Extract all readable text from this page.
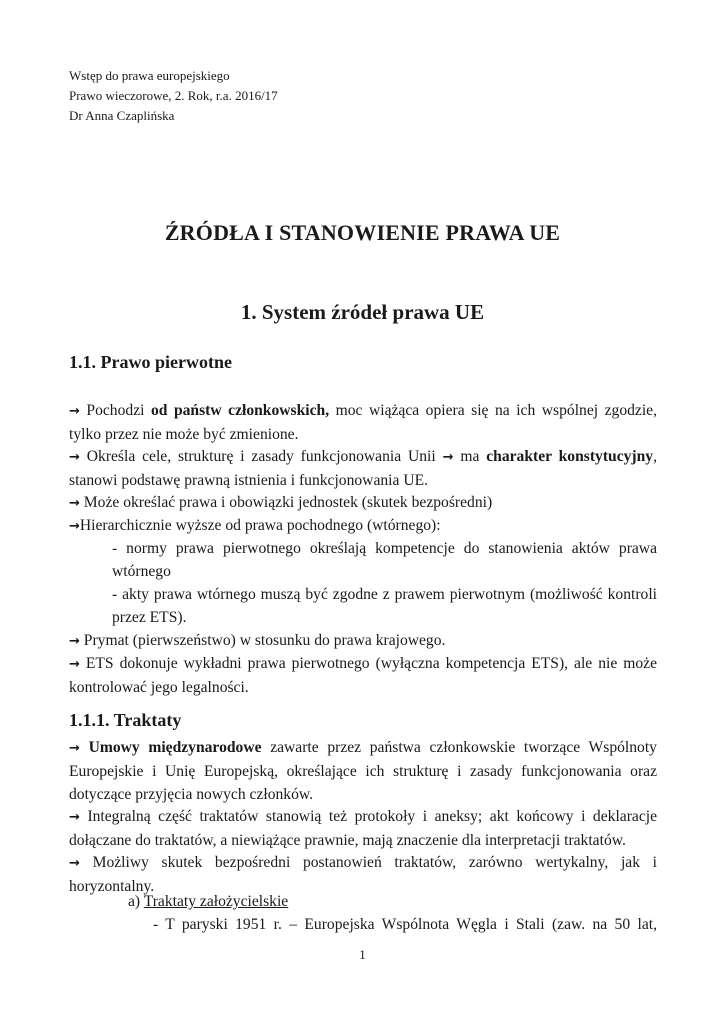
Wstęp do prawa europejskiego
Prawo wieczorowe, 2. Rok, r.a. 2016/17
Dr Anna Czaplińska
ŹRÓDŁA I STANOWIENIE PRAWA UE
1. System źródeł prawa UE
1.1. Prawo pierwotne
→ Pochodzi od państw członkowskich, moc wiążąca opiera się na ich wspólnej zgodzie, tylko przez nie może być zmienione.
→ Określa cele, strukturę i zasady funkcjonowania Unii → ma charakter konstytucyjny, stanowi podstawę prawną istnienia i funkcjonowania UE.
→ Może określać prawa i obowiązki jednostek (skutek bezpośredni)
→Hierarchicznie wyższe od prawa pochodnego (wtórnego):
- normy prawa pierwotnego określają kompetencje do stanowienia aktów prawa wtórnego
- akty prawa wtórnego muszą być zgodne z prawem pierwotnym (możliwość kontroli przez ETS).
→ Prymat (pierwszeństwo) w stosunku do prawa krajowego.
→ ETS dokonuje wykładni prawa pierwotnego (wyłączna kompetencja ETS), ale nie może kontrolować jego legalności.
1.1.1. Traktaty
→ Umowy międzynarodowe zawarte przez państwa członkowskie tworzące Wspólnoty Europejskie i Unię Europejską, określające ich strukturę i zasady funkcjonowania oraz dotyczące przyjęcia nowych członków.
→ Integralną część traktatów stanowią też protokoły i aneksy; akt końcowy i deklaracje dołączane do traktatów, a niewiążące prawnie, mają znaczenie dla interpretacji traktatów.
→ Możliwy skutek bezpośredni postanowień traktatów, zarówno wertykalny, jak i horyzontalny.
a) Traktaty założycielskie
- T paryski 1951 r. – Europejska Wspólnota Węgla i Stali (zaw. na 50 lat,
1
